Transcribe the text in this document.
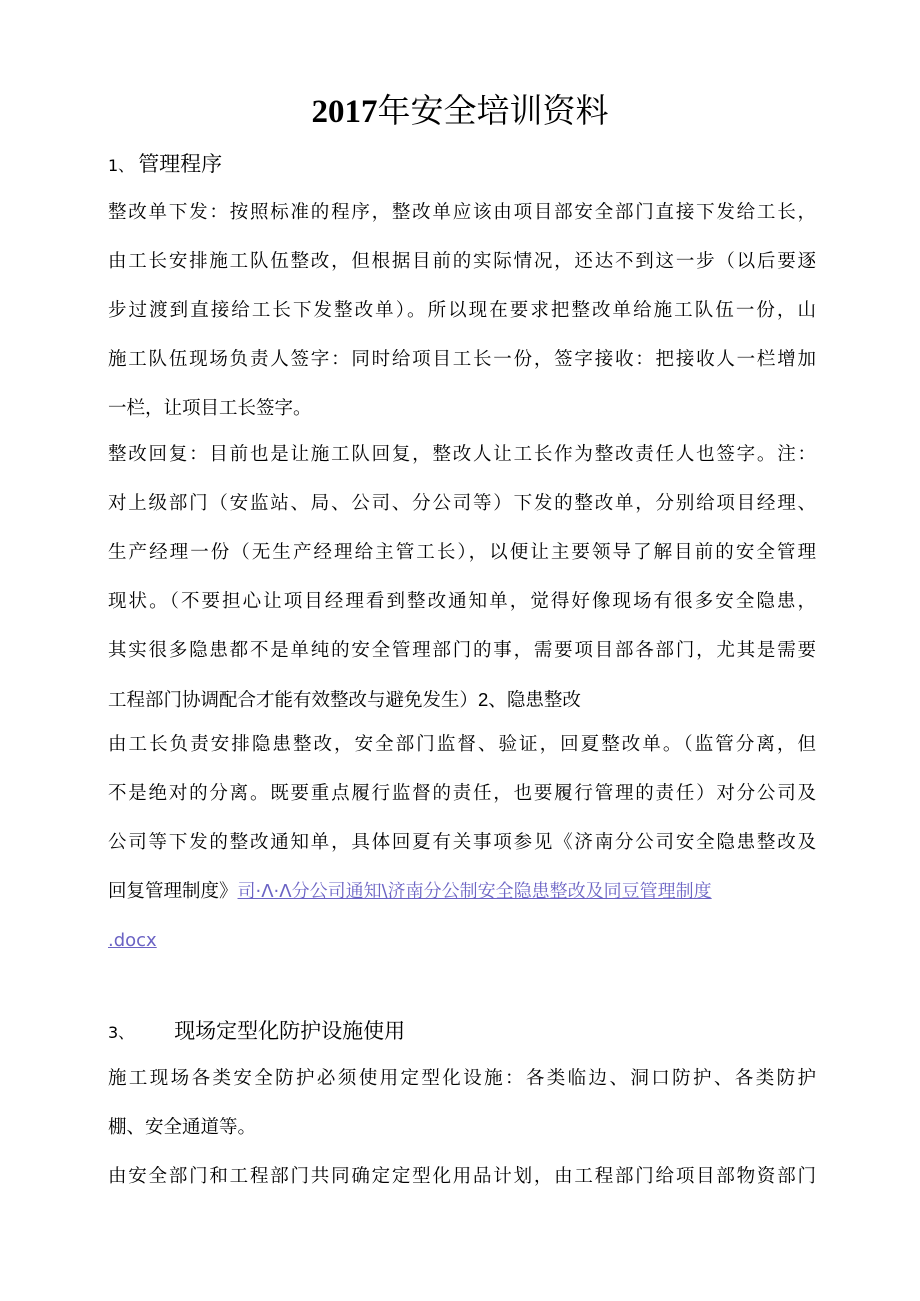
2017年安全培训资料
1、 管理程序
整改单下发：按照标准的程序，整改单应该由项目部安全部门直接下发给工长，
由工长安排施工队伍整改，但根据目前的实际情况，还达不到这一步（以后要逐
步过渡到直接给工长下发整改单）。所以现在要求把整改单给施工队伍一份，山
施工队伍现场负责人签字：同时给项目工长一份，签字接收：把接收人一栏增加
一栏，让项目工长签字。
整改回复：目前也是让施工队回复，整改人让工长作为整改责任人也签字。注：
对上级部门（安监站、局、公司、分公司等）下发的整改单，分别给项目经理、
生产经理一份（无生产经理给主管工长），以便让主要领导了解目前的安全管理
现状。（不要担心让项目经理看到整改通知单，觉得好像现场有很多安全隐患，
其实很多隐患都不是单纯的安全管理部门的事，需要项目部各部门，尤其是需要
工程部门协调配合才能有效整改与避免发生）2、隐患整改
由工长负责安排隐患整改，安全部门监督、验证，回夏整改单。（监管分离，但
不是绝对的分离。既要重点履行监督的责任，也要履行管理的责任）对分公司及
公司等下发的整改通知单，具体回夏有关事项参见《济南分公司安全隐患整改及
回复管理制度》司·Λ·Λ分公司通知\济南分公制安全隐患整改及同豆管理制度
.docx
3、 现场定型化防护设施使用
施工现场各类安全防护必须使用定型化设施：各类临边、洞口防护、各类防护
棚、安全通道等。
由安全部门和工程部门共同确定定型化用品计划，由工程部门给项目部物资部门
